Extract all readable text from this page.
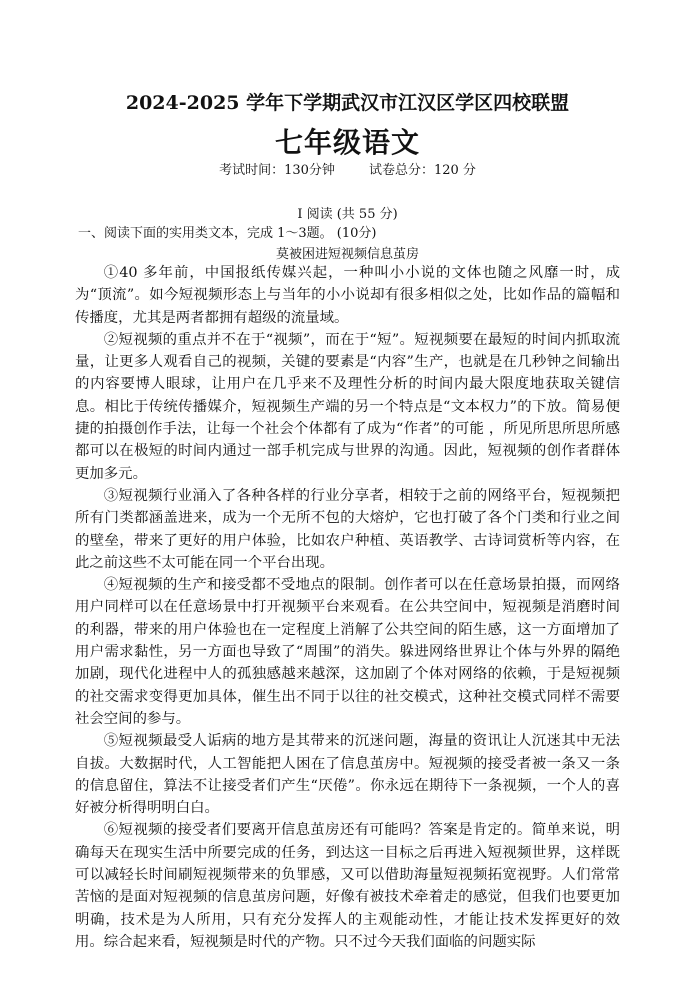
2024-2025 学年下学期武汉市江汉区学区四校联盟
七年级语文
考试时间：130分钟	试卷总分：120 分
I 阅读 (共 55 分)
一、阅读下面的实用类文本，完成 1～3题。 (10分)
莫被困进短视频信息茧房

①40 多年前，中国报纸传媒兴起，一种叫小小说的文体也随之风靡一时，成为“顶流”。如今短视频形态上与当年的小小说却有很多相似之处，比如作品的篇幅和传播度，尤其是两者都拥有超级的流量域。

②短视频的重点并不在于“视频”，而在于“短”。短视频要在最短的时间内抓取流量，让更多人观看自己的视频，关键的要素是“内容”生产，也就是在几秒钟之间输出的内容要博人眼球，让用户在几乎来不及理性分析的时间内最大限度地获取关键信息。相比于传统传播媒介，短视频生产端的另一个特点是“文本权力”的下放。简易便捷的拍摄创作手法，让每一个社会个体都有了成为“作者”的可能 ，所见所思所思所感都可以在极短的时间内通过一部手机完成与世界的沟通。因此，短视频的创作者群体更加多元。

③短视频行业涌入了各种各样的行业分享者，相较于之前的网络平台，短视频把所有门类都涵盖进来，成为一个无所不包的大熔炉，它也打破了各个门类和行业之间的壁垒，带来了更好的用户体验，比如农户种植、英语教学、古诗词赏析等内容，在此之前这些不太可能在同一个平台出现。

④短视频的生产和接受都不受地点的限制。创作者可以在任意场景拍摄，而网络用户同样可以在任意场景中打开视频平台来观看。在公共空间中，短视频是消磨时间的利器，带来的用户体验也在一定程度上消解了公共空间的陌生感，这一方面增加了用户需求黏性，另一方面也导致了“周围”的消失。躲进网络世界让个体与外界的隔绝加剧，现代化进程中人的孤独感越来越深，这加剧了个体对网络的依赖，于是短视频的社交需求变得更加具体，催生出不同于以往的社交模式，这种社交模式同样不需要社会空间的参与。

⑤短视频最受人诟病的地方是其带来的沉迷问题，海量的资讯让人沉迷其中无法自拔。大数据时代，人工智能把人困在了信息茧房中。短视频的接受者被一条又一条的信息留住，算法不让接受者们产生“厌倦”。你永远在期待下一条视频，一个人的喜好被分析得明明白白。

⑥短视频的接受者们要离开信息茧房还有可能吗？答案是肯定的。简单来说，明确每天在现实生活中所要完成的任务，到达这一目标之后再进入短视频世界，这样既可以减轻长时间刷短视频带来的负罪感，又可以借助海量短视频拓宽视野。人们常常苦恼的是面对短视频的信息茧房问题，好像有被技术牵着走的感觉，但我们也要更加明确，技术是为人所用，只有充分发挥人的主观能动性，才能让技术发挥更好的效用。综合起来看，短视频是时代的产物。只不过今天我们面临的问题实际
